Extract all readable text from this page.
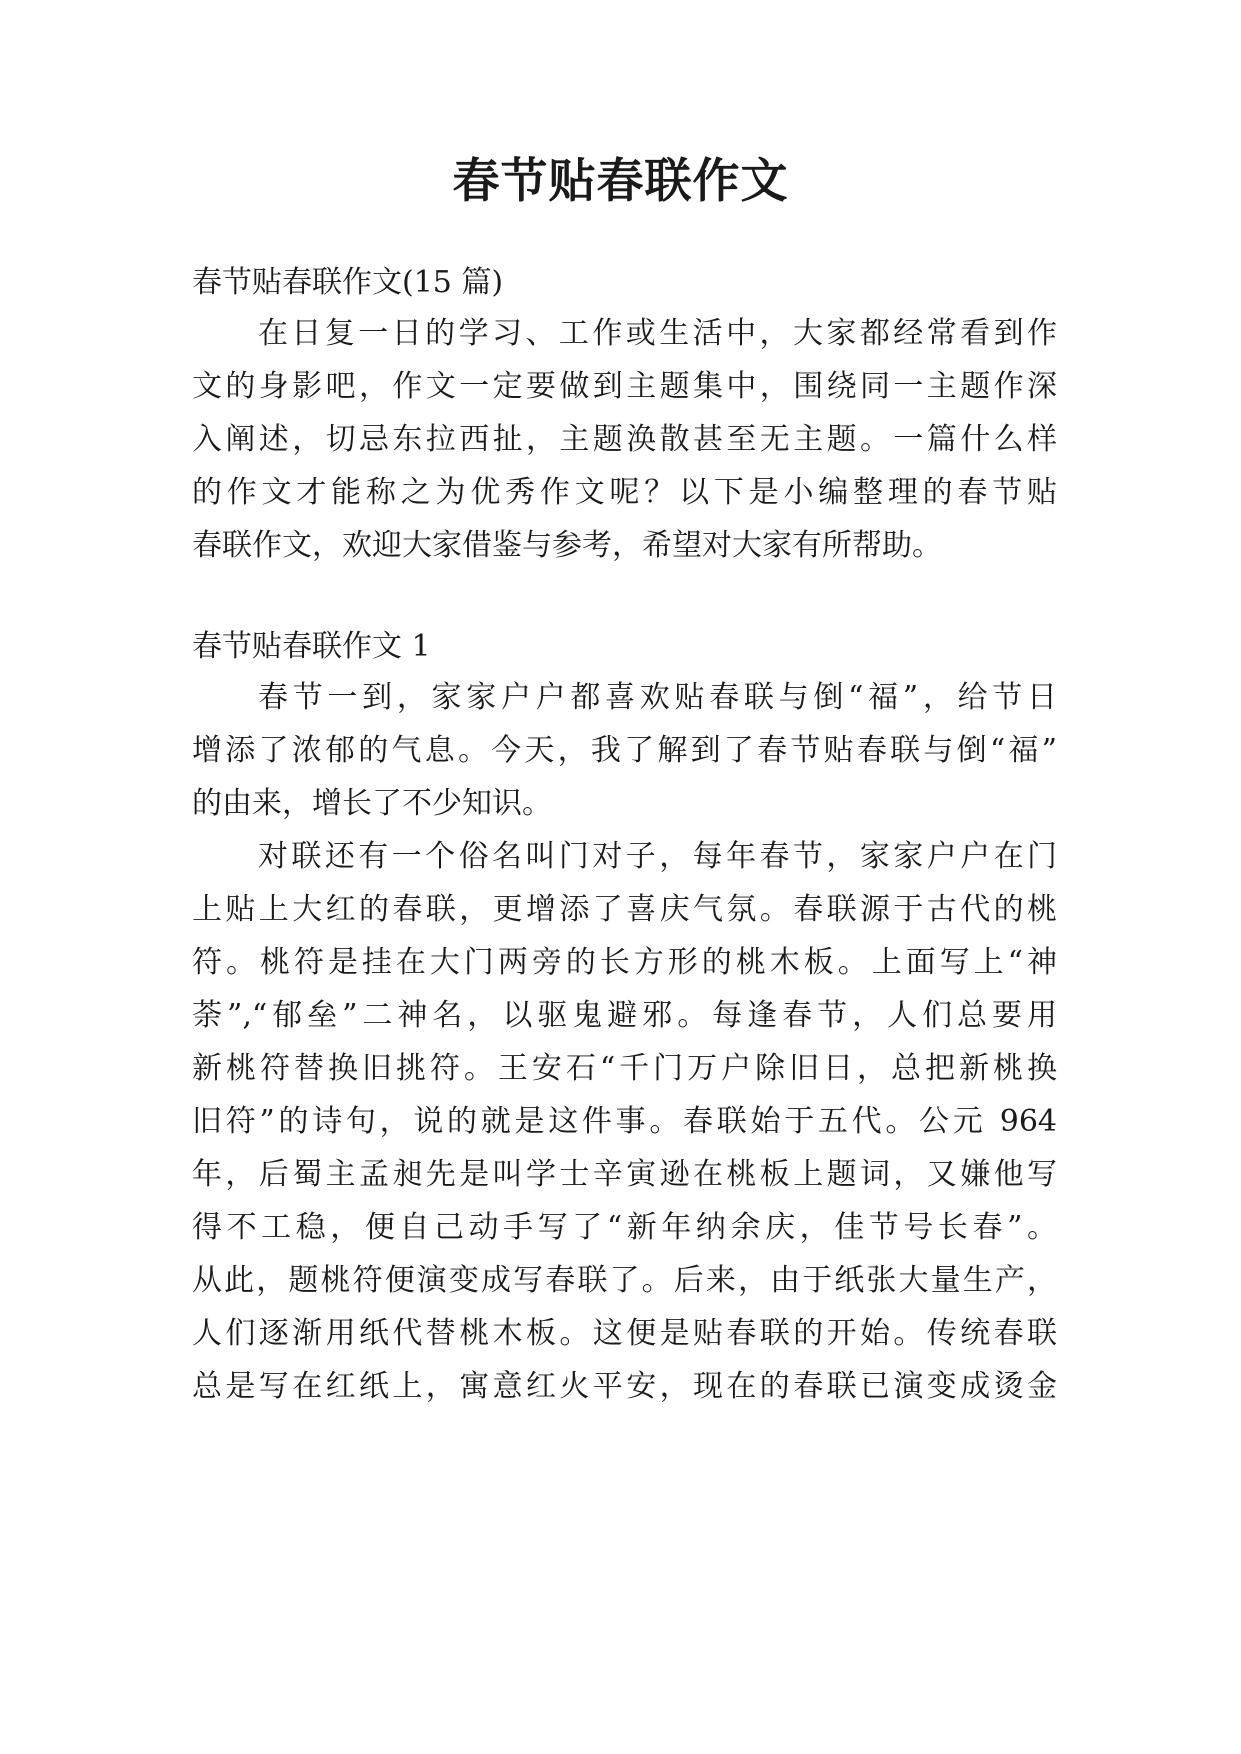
春节贴春联作文
春节贴春联作文(15 篇)
在日复一日的学习、工作或生活中，大家都经常看到作
文的身影吧，作文一定要做到主题集中，围绕同一主题作深
入阐述，切忌东拉西扯，主题涣散甚至无主题。一篇什么样
的作文才能称之为优秀作文呢？以下是小编整理的春节贴
春联作文，欢迎大家借鉴与参考，希望对大家有所帮助。
春节贴春联作文 1
春节一到，家家户户都喜欢贴春联与倒“福”，给节日
增添了浓郁的气息。今天，我了解到了春节贴春联与倒“福”
的由来，增长了不少知识。
对联还有一个俗名叫门对子，每年春节，家家户户在门
上贴上大红的春联，更增添了喜庆气氛。春联源于古代的桃
符。桃符是挂在大门两旁的长方形的桃木板。上面写上“神
荼”,“郁垒”二神名，以驱鬼避邪。每逢春节，人们总要用
新桃符替换旧挑符。王安石“千门万户除旧日，总把新桃换
旧符”的诗句，说的就是这件事。春联始于五代。公元 964
年，后蜀主孟昶先是叫学士辛寅逊在桃板上题词，又嫌他写
得不工稳，便自己动手写了“新年纳余庆，佳节号长春”。
从此，题桃符便演变成写春联了。后来，由于纸张大量生产，
人们逐渐用纸代替桃木板。这便是贴春联的开始。传统春联
总是写在红纸上，寓意红火平安，现在的春联已演变成烫金
